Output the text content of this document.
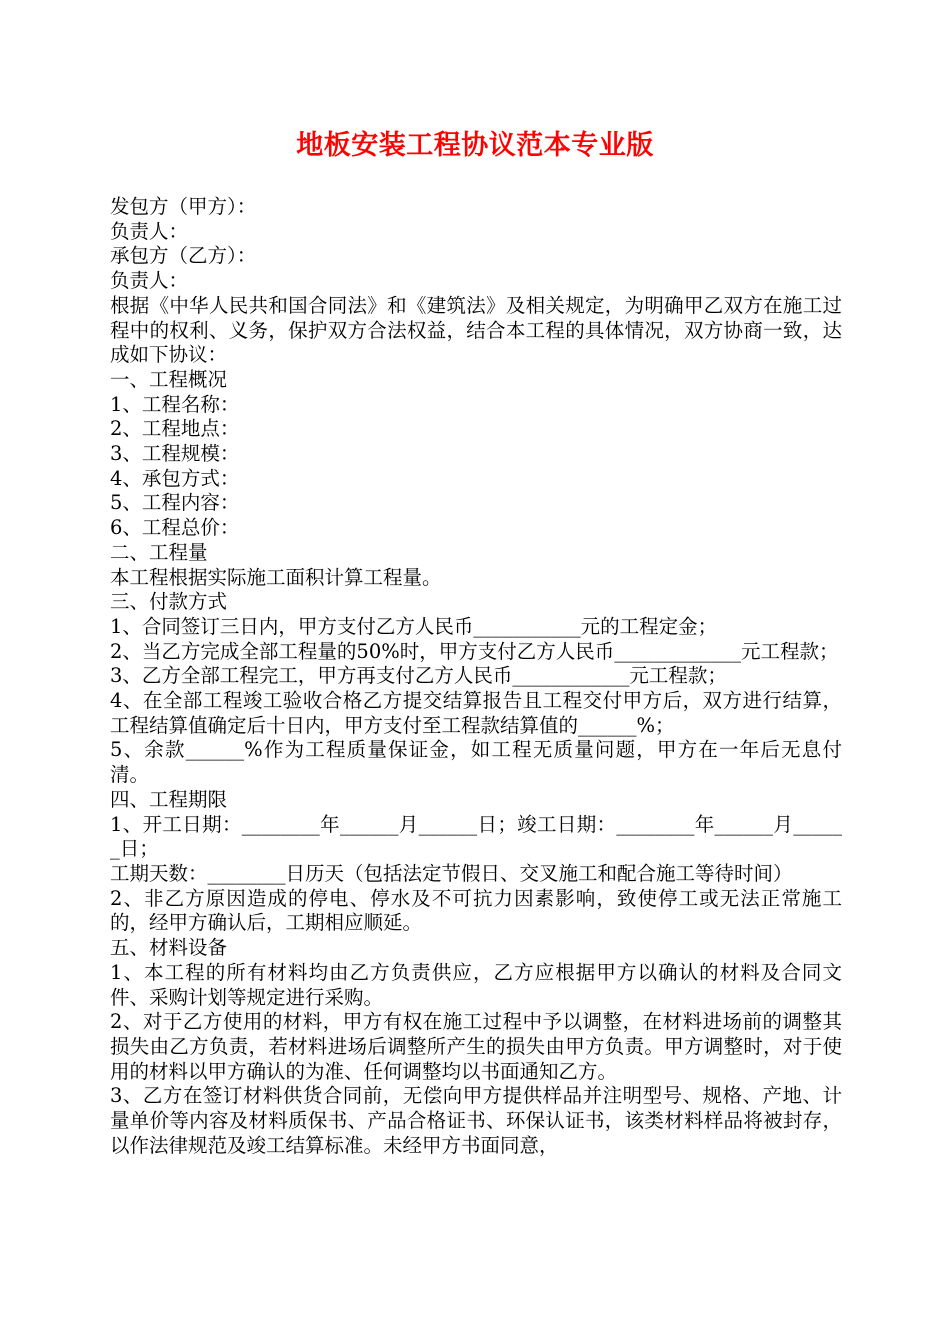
地板安装工程协议范本专业版

发包方（甲方）：

负责人：

承包方（乙方）：

负责人：

根据《中华人民共和国合同法》和《建筑法》及相关规定，为明确甲乙双方在施工过程中的权利、义务，保护双方合法权益，结合本工程的具体情况，双方协商一致，达成如下协议：

一、工程概况

1、工程名称：

2、工程地点：

3、工程规模：

4、承包方式：

5、工程内容：

6、工程总价：

二、工程量

本工程根据实际施工面积计算工程量。

三、付款方式

1、合同签订三日内，甲方支付乙方人民币___________元的工程定金；

2、当乙方完成全部工程量的50%时，甲方支付乙方人民币_____________元工程款；

3、乙方全部工程完工，甲方再支付乙方人民币____________元工程款；

4、在全部工程竣工验收合格乙方提交结算报告且工程交付甲方后，双方进行结算，工程结算值确定后十日内，甲方支付至工程款结算值的______%；

5、余款______%作为工程质量保证金，如工程无质量问题，甲方在一年后无息付清。

四、工程期限

1、开工日期：________年______月______日；竣工日期：________年______月______日；

工期天数：________日历天（包括法定节假日、交叉施工和配合施工等待时间）

2、非乙方原因造成的停电、停水及不可抗力因素影响，致使停工或无法正常施工的，经甲方确认后，工期相应顺延。

五、材料设备

1、本工程的所有材料均由乙方负责供应，乙方应根据甲方以确认的材料及合同文件、采购计划等规定进行采购。

2、对于乙方使用的材料，甲方有权在施工过程中予以调整，在材料进场前的调整其损失由乙方负责，若材料进场后调整所产生的损失由甲方负责。甲方调整时，对于使用的材料以甲方确认的为准、任何调整均以书面通知乙方。

3、乙方在签订材料供货合同前，无偿向甲方提供样品并注明型号、规格、产地、计量单价等内容及材料质保书、产品合格证书、环保认证书，该类材料样品将被封存，以作法律规范及竣工结算标准。未经甲方书面同意，
